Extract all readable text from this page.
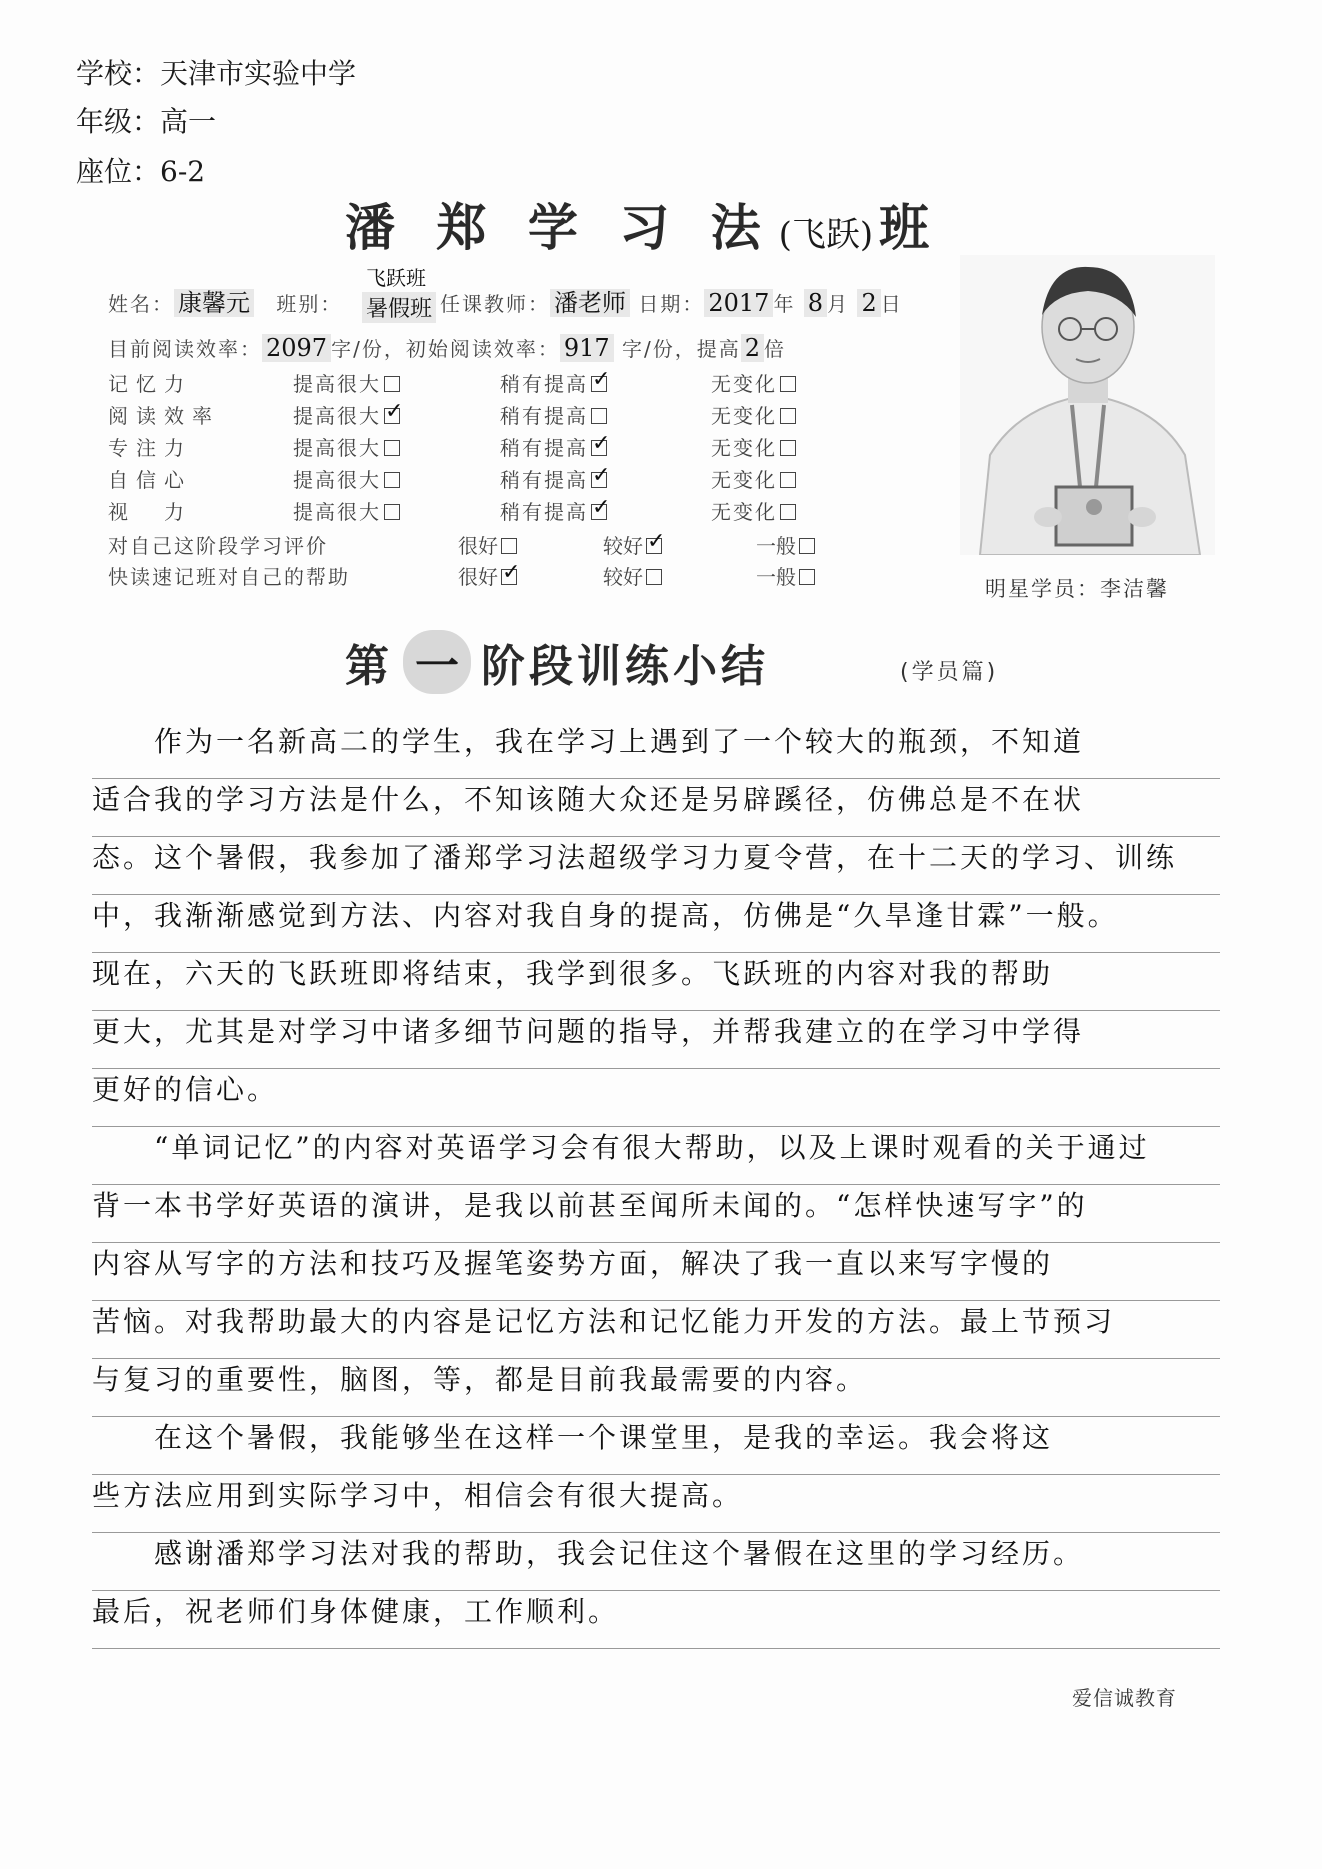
学校：天津市实验中学
年级：高一
座位：6-2
潘 郑 学 习 法 (飞跃) 班
姓名： 康馨元 班别：
飞跃班
暑假班 任课教师： 潘老师 日期： 2017 年 8 月 2 日
目前阅读效率： 2097 字/份，初始阅读效率： 917 字/份，提高 2 倍
记忆力	提高很大	稍有提高 ✓	无变化
阅读效率	提高很大 ✓	稍有提高	无变化
专注力	提高很大	稍有提高 ✓	无变化
自信心	提高很大	稍有提高 ✓	无变化
视　力	提高很大	稍有提高 ✓	无变化
对自己这阶段学习评价	很好	较好 ✓	一般
快读速记班对自己的帮助	很好 ✓	较好	一般	明星学员：李洁馨
第 一 阶段训练小结	(学员篇)
　　作为一名新高二的学生，我在学习上遇到了一个较大的瓶颈，不知道
适合我的学习方法是什么，不知该随大众还是另辟蹊径，仿佛总是不在状
态。这个暑假，我参加了潘郑学习法超级学习力夏令营，在十二天的学习、训练
中，我渐渐感觉到方法、内容对我自身的提高，仿佛是“久旱逢甘霖”一般。
现在，六天的飞跃班即将结束，我学到很多。飞跃班的内容对我的帮助
更大，尤其是对学习中诸多细节问题的指导，并帮我建立的在学习中学得
更好的信心。
　　“单词记忆”的内容对英语学习会有很大帮助，以及上课时观看的关于通过
背一本书学好英语的演讲，是我以前甚至闻所未闻的。“怎样快速写字”的
内容从写字的方法和技巧及握笔姿势方面，解决了我一直以来写字慢的
苦恼。对我帮助最大的内容是记忆方法和记忆能力开发的方法。最上节预习
与复习的重要性，脑图，等，都是目前我最需要的内容。
　　在这个暑假，我能够坐在这样一个课堂里，是我的幸运。我会将这
些方法应用到实际学习中，相信会有很大提高。
　　感谢潘郑学习法对我的帮助，我会记住这个暑假在这里的学习经历。
最后，祝老师们身体健康，工作顺利。
爱信诚教育
